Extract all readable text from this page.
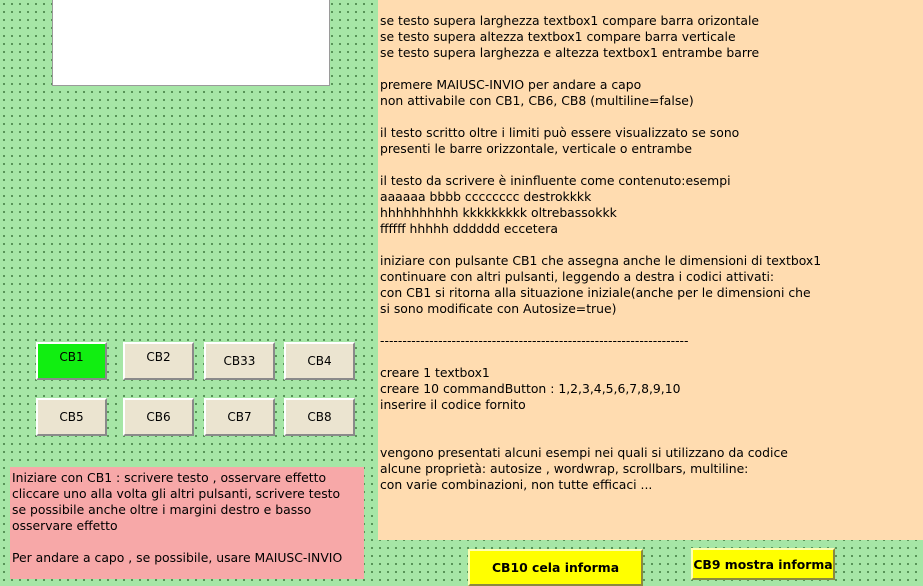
se testo supera larghezza textbox1 compare barra orizontale
se testo supera altezza textbox1 compare barra verticale
se testo supera larghezza e altezza textbox1 entrambe barre
premere MAIUSC-INVIO per andare a capo
non attivabile con CB1, CB6, CB8 (multiline=false)
il testo scritto oltre i limiti può essere visualizzato se sono
presenti le barre orizzontale, verticale o entrambe
il testo da scrivere è ininfluente come contenuto:esempi
aaaaaa bbbb cccccccc destrokkkk
hhhhhhhhhh kkkkkkkkk oltrebassokkk
ffffff hhhhh dddddd eccetera
iniziare con pulsante CB1 che assegna anche le dimensioni di textbox1
continuare con altri pulsanti, leggendo a destra i codici attivati:
con CB1 si ritorna alla situazione iniziale(anche per le dimensioni che
si sono modificate con Autosize=true)
---------------------------------------------------------------------
creare 1 textbox1
creare 10 commandButton : 1,2,3,4,5,6,7,8,9,10
inserire il codice fornito
vengono presentati alcuni esempi nei quali si utilizzano da codice
alcune proprietà: autosize , wordwrap, scrollbars, multiline:
con varie combinazioni, non tutte efficaci ...
CB1	CB2	CB33	CB4
CB5	CB6	CB7	CB8
Iniziare con CB1 : scrivere testo , osservare effetto
cliccare uno alla volta gli altri pulsanti, scrivere testo
se possibile anche oltre i margini destro e basso
osservare effetto
Per andare a capo , se possibile, usare MAIUSC-INVIO
CB10 cela informa	CB9 mostra informa
